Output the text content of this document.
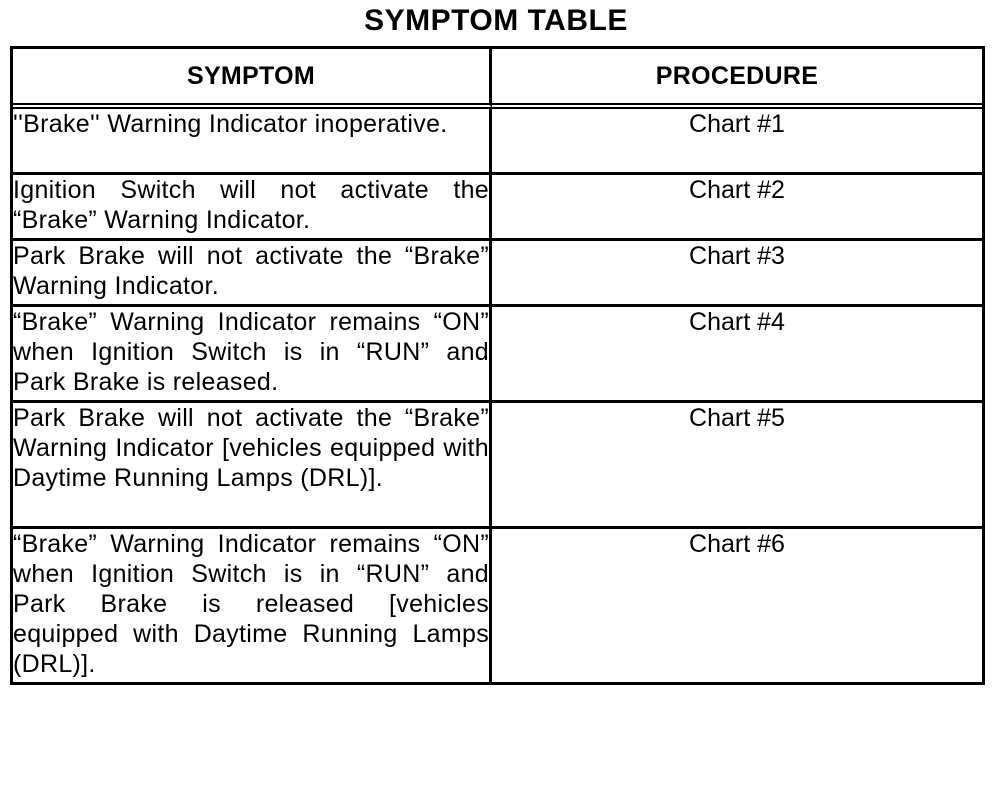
SYMPTOM TABLE
SYMPTOM	PROCEDURE
''Brake'' Warning Indicator inoperative.	Chart #1
Ignition Switch will not activate the “Brake” Warning Indicator.	Chart #2
Park Brake will not activate the “Brake” Warning Indicator.	Chart #3
“Brake” Warning Indicator remains “ON” when Ignition Switch is in “RUN” and Park Brake is released.	Chart #4
Park Brake will not activate the “Brake” Warning Indicator [vehicles equipped with Daytime Running Lamps (DRL)].	Chart #5
“Brake” Warning Indicator remains “ON” when Ignition Switch is in “RUN” and Park Brake is released [vehicles equipped with Daytime Running Lamps (DRL)].	Chart #6
